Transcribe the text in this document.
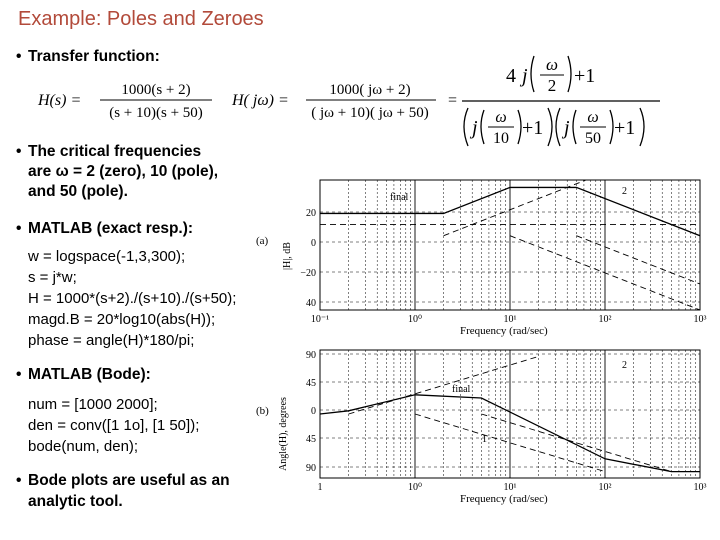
Example: Poles and Zeroes
• Transfer function:
H(s) =
1000(s + 2)
(s + 10)(s + 50)
H( jω) =
1000( jω + 2)
( jω + 10)( jω + 50)
=
4 j
ω
2 +1
j ω
10 +1 j ω
50 +1
• The critical frequencies
are ω = 2 (zero), 10 (pole),
and 50 (pole).
• MATLAB (exact resp.):
w = logspace(-1,3,300);
s = j*w;
H = 1000*(s+2)./(s+10)./(s+50);
magd.B = 20*log10(abs(H));
phase = angle(H)*180/pi;
• MATLAB (Bode):
num = [1000 2000];
den = conv([1 1o], [1 50]);
bode(num, den);
• Bode plots are useful as an
analytic tool.
(a)
|H|, dB
Frequency (rad/sec)
(b) Angle(H), degrees
Frequency (rad/sec)
20
0
−20
40
10⁻¹	10⁰	10¹	10²	10³
final
2
90
45
0
45
90
1	10⁰	10¹	10²	10³
final
2
1
